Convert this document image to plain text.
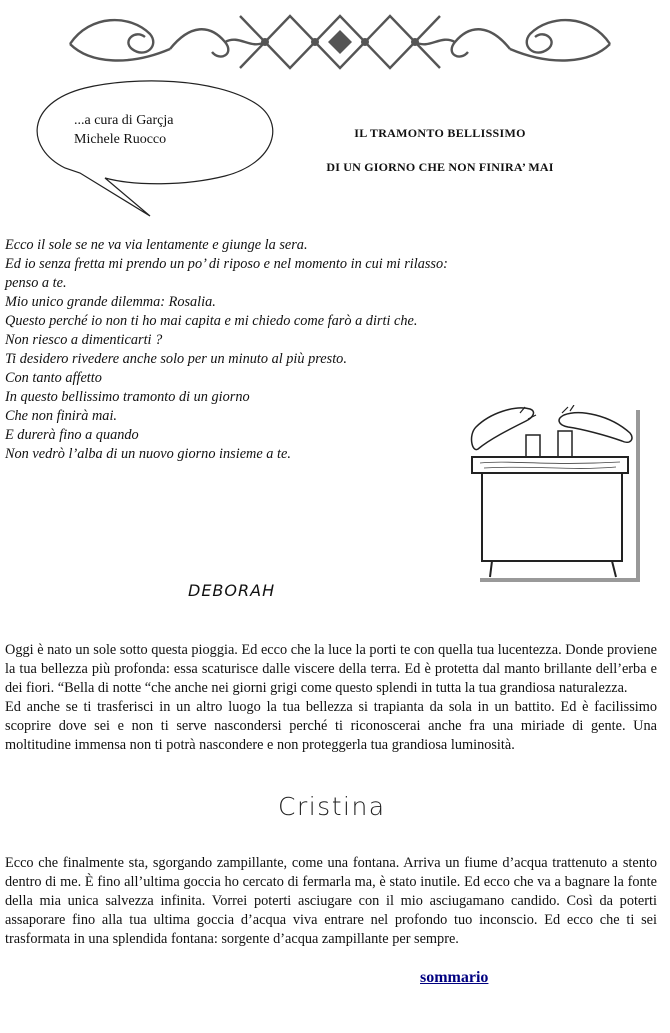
...a cura di Garçja
Michele Ruocco	IL TRAMONTO BELLISSIMO
DI UN GIORNO CHE NON FINIRA’ MAI
Ecco il sole se ne va via lentamente e giunge la sera.
Ed io senza fretta mi prendo un po’ di riposo e nel momento in cui mi rilasso:
penso a te.
Mio unico grande dilemma: Rosalia.
Questo perché io non ti ho mai capita e mi chiedo come farò a dirti che.
Non riesco a dimenticarti ?
Ti desidero rivedere anche solo per un minuto al più presto.
Con tanto affetto
In questo bellissimo tramonto di un giorno
Che non finirà mai.
E durerà fino a quando
Non vedrò l’alba di un nuovo giorno insieme a te.
DEBORAH

Oggi è nato un sole sotto questa pioggia. Ed ecco che la luce la porti te con quella tua lucentezza. Donde proviene la tua bellezza più profonda: essa scaturisce dalle viscere della terra. Ed è protetta dal manto brillante dell’erba e dei fiori. “Bella di notte “che anche nei giorni grigi come questo splendi in tutta la tua grandiosa naturalezza.

Ed anche se ti trasferisci in un altro luogo la tua bellezza si trapianta da sola in un battito. Ed è facilissimo scoprire dove sei e non ti serve nascondersi perché ti riconoscerai anche fra una miriade di gente. Una moltitudine immensa non ti potrà nascondere e non proteggerla tua grandiosa luminosità.

Cristina

Ecco che finalmente sta, sgorgando zampillante, come una fontana. Arriva un fiume d’acqua trattenuto a stento dentro di me. È fino all’ultima goccia ho cercato di fermarla ma, è stato inutile. Ed ecco che va a bagnare la fonte della mia unica salvezza infinita. Vorrei poterti asciugare con il mio asciugamano candido. Così da poterti assaporare fino alla tua ultima goccia d’acqua viva entrare nel profondo tuo inconscio. Ed ecco che ti sei trasformata in una splendida fontana: sorgente d’acqua zampillante per sempre.

sommario
